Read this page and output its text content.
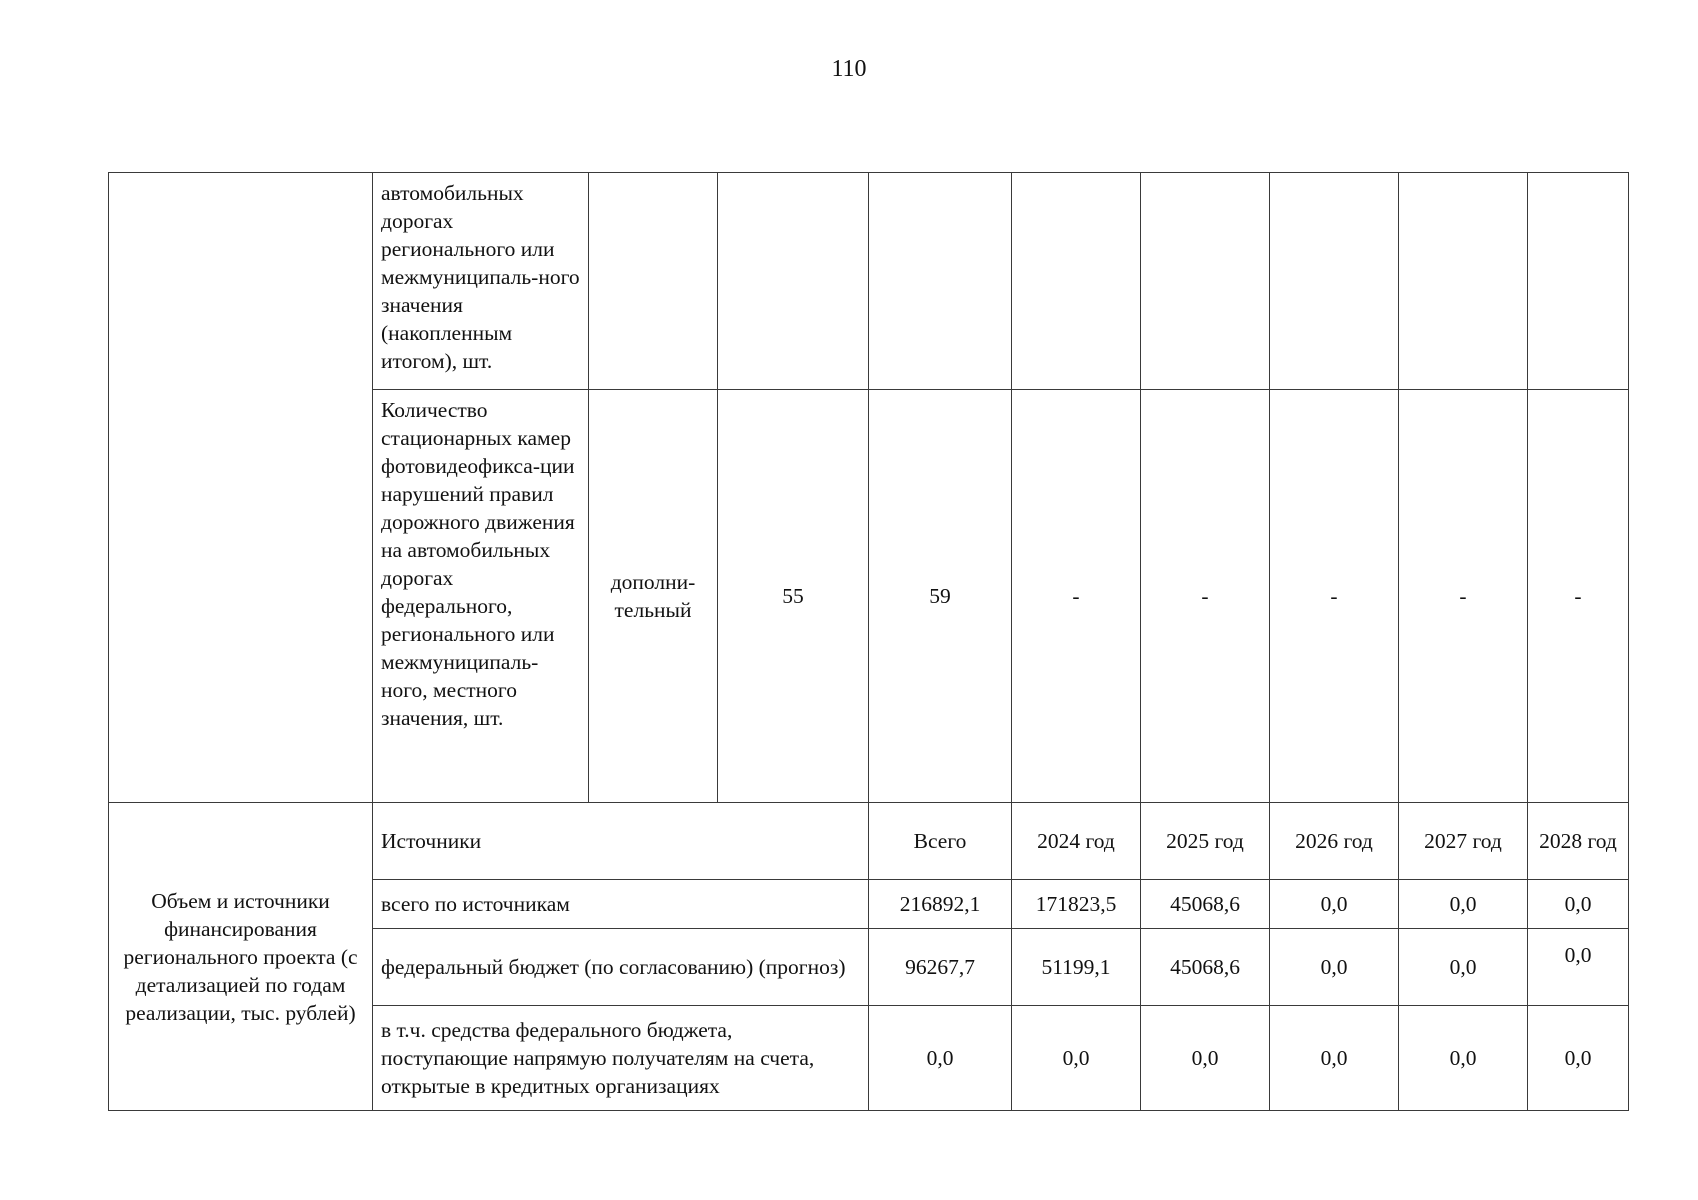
110

	автомобильных дорогах регионального или межмуниципаль-ного значения (накопленным итогом), шт.								

	Количество стационарных камер фотовидеофикса-ции нарушений правил дорожного движения на автомобильных дорогах федерального, регионального или межмуниципаль-ного, местного значения, шт.	дополни-тельный	55	59	-	-	-	-	-

Объем и источники финансирования регионального проекта (с детализацией по годам реализации, тыс. рублей)	Источники			Всего	2024 год	2025 год	2026 год	2027 год	2028 год
	всего по источникам			216892,1	171823,5	45068,6	0,0	0,0	0,0
	федеральный бюджет (по согласованию) (прогноз)			96267,7	51199,1	45068,6	0,0	0,0	0,0
	в т.ч. средства федерального бюджета, поступающие напрямую получателям на счета, открытые в кредитных организациях			0,0	0,0	0,0	0,0	0,0	0,0
